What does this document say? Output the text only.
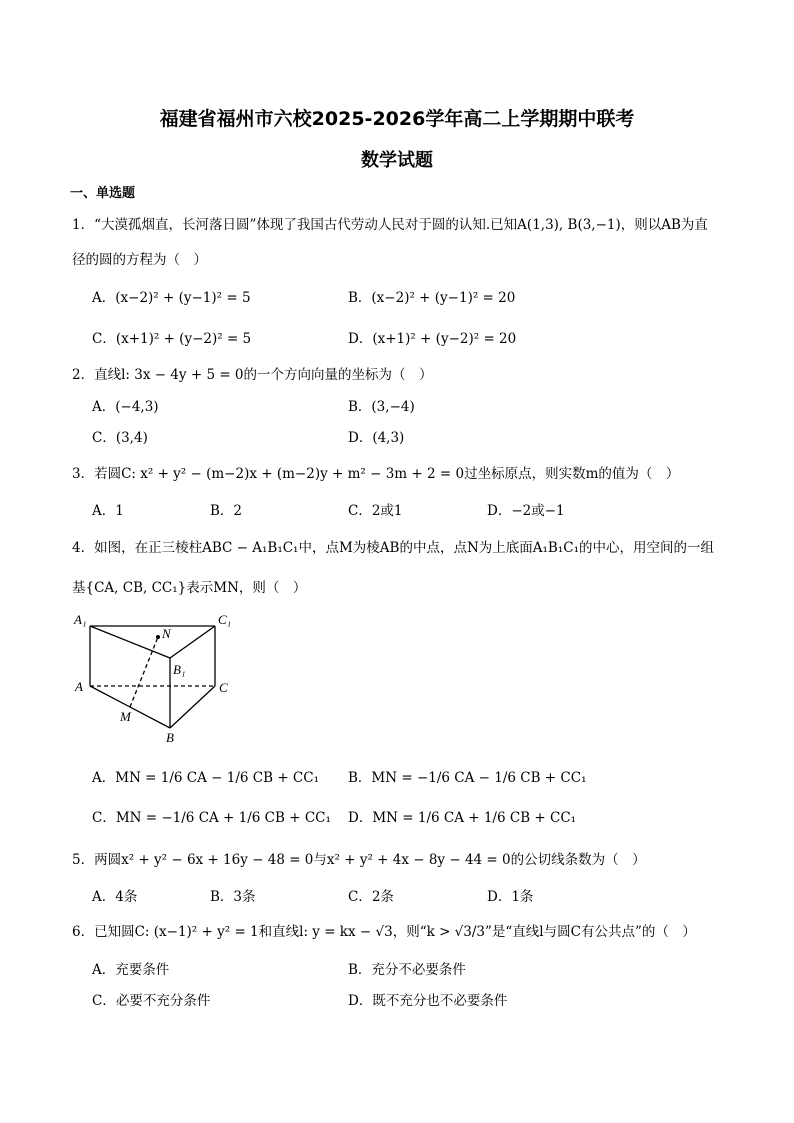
福建省福州市六校2025-2026学年高二上学期期中联考
数学试题
一、单选题
1．“大漠孤烟直，长河落日圆”体现了我国古代劳动人民对于圆的认知.已知A(1,3), B(3,−1)，则以AB为直
径的圆的方程为（　）
A．(x−2)² + (y−1)² = 5	B．(x−2)² + (y−1)² = 20
C．(x+1)² + (y−2)² = 5	D．(x+1)² + (y−2)² = 20
2．直线l: 3x − 4y + 5 = 0的一个方向向量的坐标为（　）
A．(−4,3)	B．(3,−4)
C．(3,4)	D．(4,3)
3．若圆C: x² + y² − (m−2)x + (m−2)y + m² − 3m + 2 = 0过坐标原点，则实数m的值为（　）
A．1	B．2	C．2或1	D．−2或−1
4．如图，在正三棱柱ABC − A₁B₁C₁中，点M为棱AB的中点，点N为上底面A₁B₁C₁的中心，用空间的一组
基{CA, CB, CC₁}表示MN，则（　）
A₁	C₁
N
B₁
A	C
M
B
A．MN = 1/6 CA − 1/6 CB + CC₁ B．MN = −1/6 CA − 1/6 CB + CC₁
C．MN = −1/6 CA + 1/6 CB + CC₁ D．MN = 1/6 CA + 1/6 CB + CC₁
5．两圆x² + y² − 6x + 16y − 48 = 0与x² + y² + 4x − 8y − 44 = 0的公切线条数为（　）
A．4条	B．3条	C．2条	D．1条
6．已知圆C: (x−1)² + y² = 1和直线l: y = kx − √3，则“k > √3/3”是“直线l与圆C有公共点”的（　）
A．充要条件	B．充分不必要条件
C．必要不充分条件	D．既不充分也不必要条件
